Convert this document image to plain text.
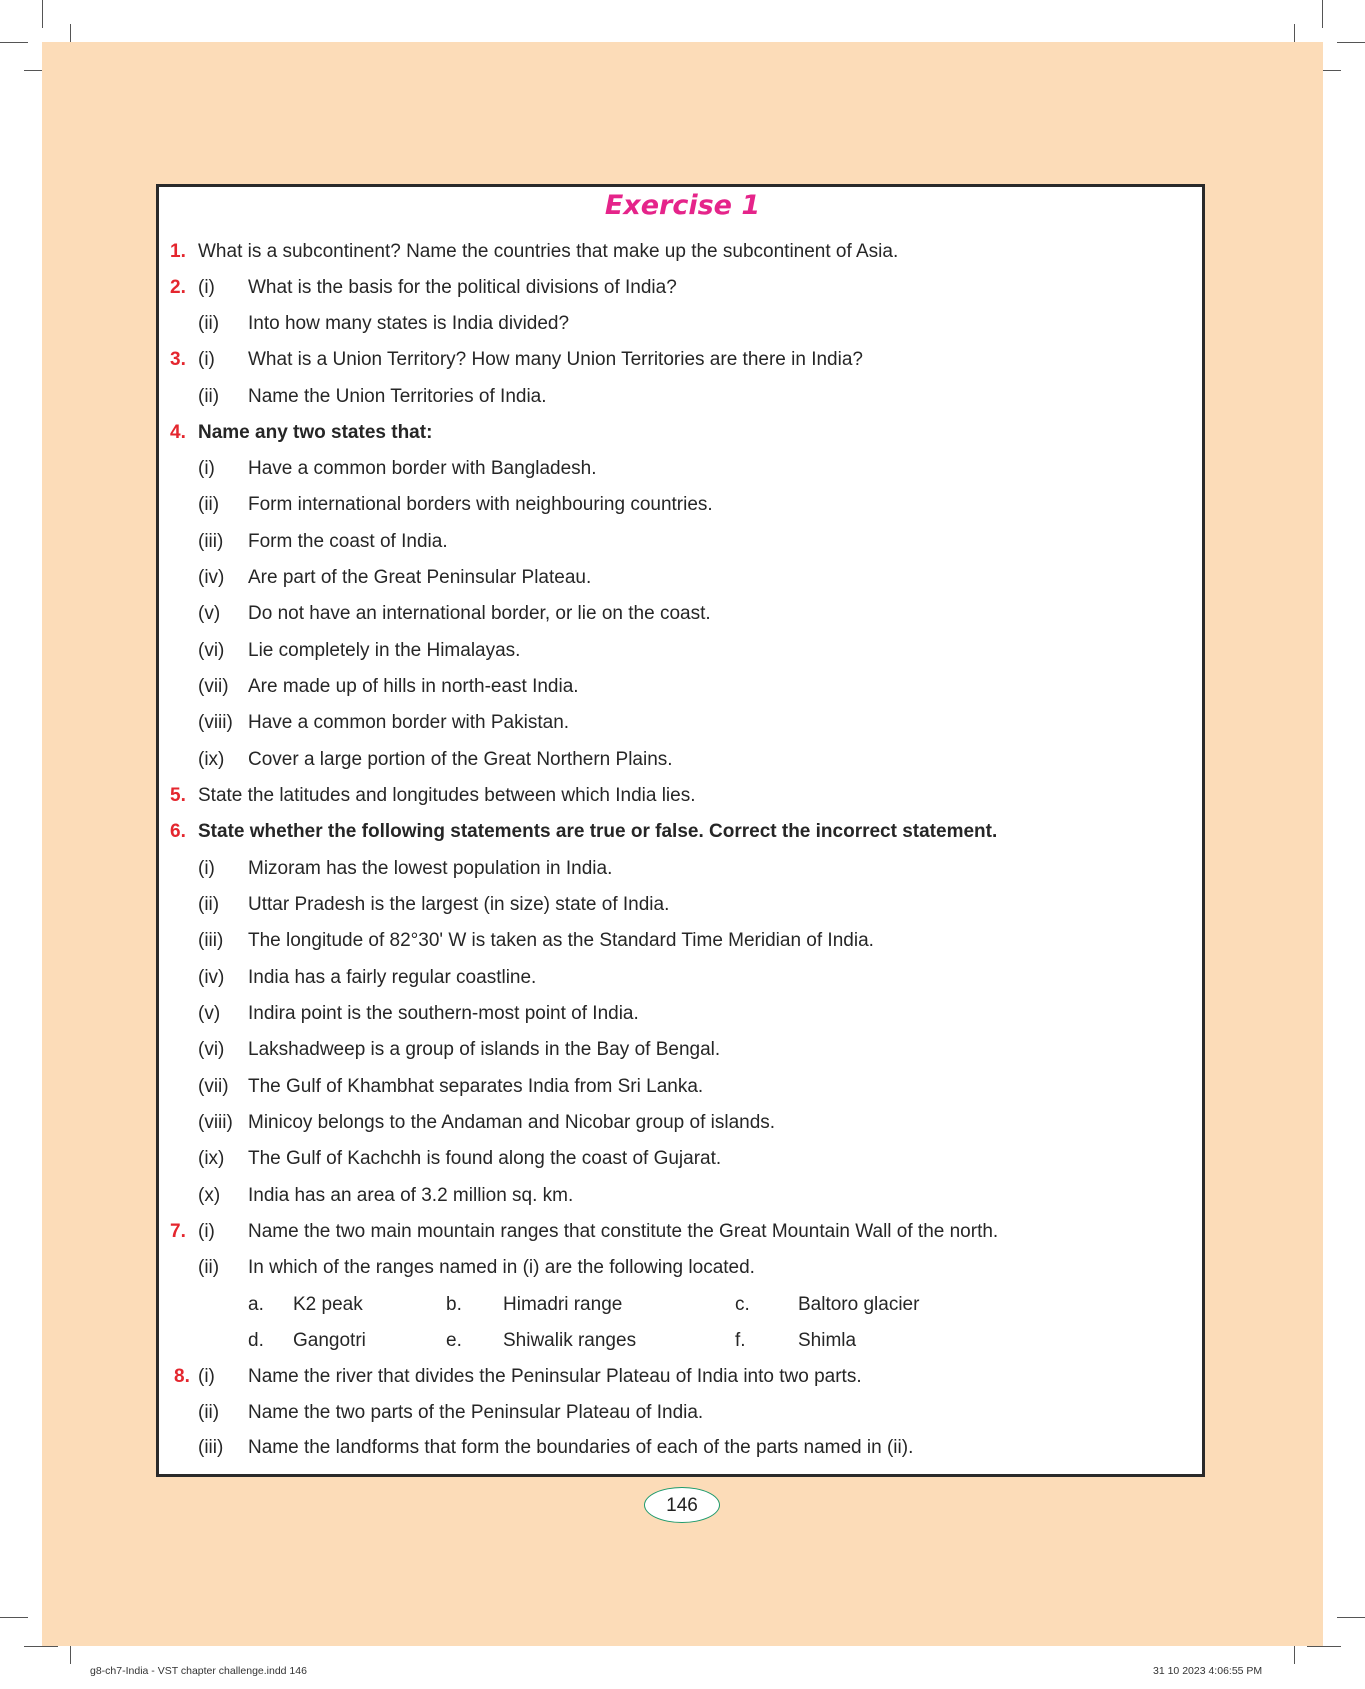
Exercise 1
1. What is a subcontinent? Name the countries that make up the subcontinent of Asia.
2. (i) What is the basis for the political divisions of India?
(ii) Into how many states is India divided?
3. (i) What is a Union Territory? How many Union Territories are there in India?
(ii) Name the Union Territories of India.
4. Name any two states that:
(i) Have a common border with Bangladesh.
(ii) Form international borders with neighbouring countries.
(iii) Form the coast of India.
(iv) Are part of the Great Peninsular Plateau.
(v) Do not have an international border, or lie on the coast.
(vi) Lie completely in the Himalayas.
(vii) Are made up of hills in north-east India.
(viii) Have a common border with Pakistan.
(ix) Cover a large portion of the Great Northern Plains.
5. State the latitudes and longitudes between which India lies.
6. State whether the following statements are true or false. Correct the incorrect statement.
(i) Mizoram has the lowest population in India.
(ii) Uttar Pradesh is the largest (in size) state of India.
(iii) The longitude of 82°30' W is taken as the Standard Time Meridian of India.
(iv) India has a fairly regular coastline.
(v) Indira point is the southern-most point of India.
(vi) Lakshadweep is a group of islands in the Bay of Bengal.
(vii) The Gulf of Khambhat separates India from Sri Lanka.
(viii) Minicoy belongs to the Andaman and Nicobar group of islands.
(ix) The Gulf of Kachchh is found along the coast of Gujarat.
(x) India has an area of 3.2 million sq. km.
7. (i) Name the two main mountain ranges that constitute the Great Mountain Wall of the north.
(ii) In which of the ranges named in (i) are the following located.
a. K2 peak	b. Himadri range	c.	Baltoro glacier
d. Gangotri	e. Shiwalik ranges	f.	Shimla
8. (i) Name the river that divides the Peninsular Plateau of India into two parts.
(ii) Name the two parts of the Peninsular Plateau of India.
(iii) Name the landforms that form the boundaries of each of the parts named in (ii).
146
g8-ch7-India - VST chapter challenge.indd 146	31 10 2023 4:06:55 PM
